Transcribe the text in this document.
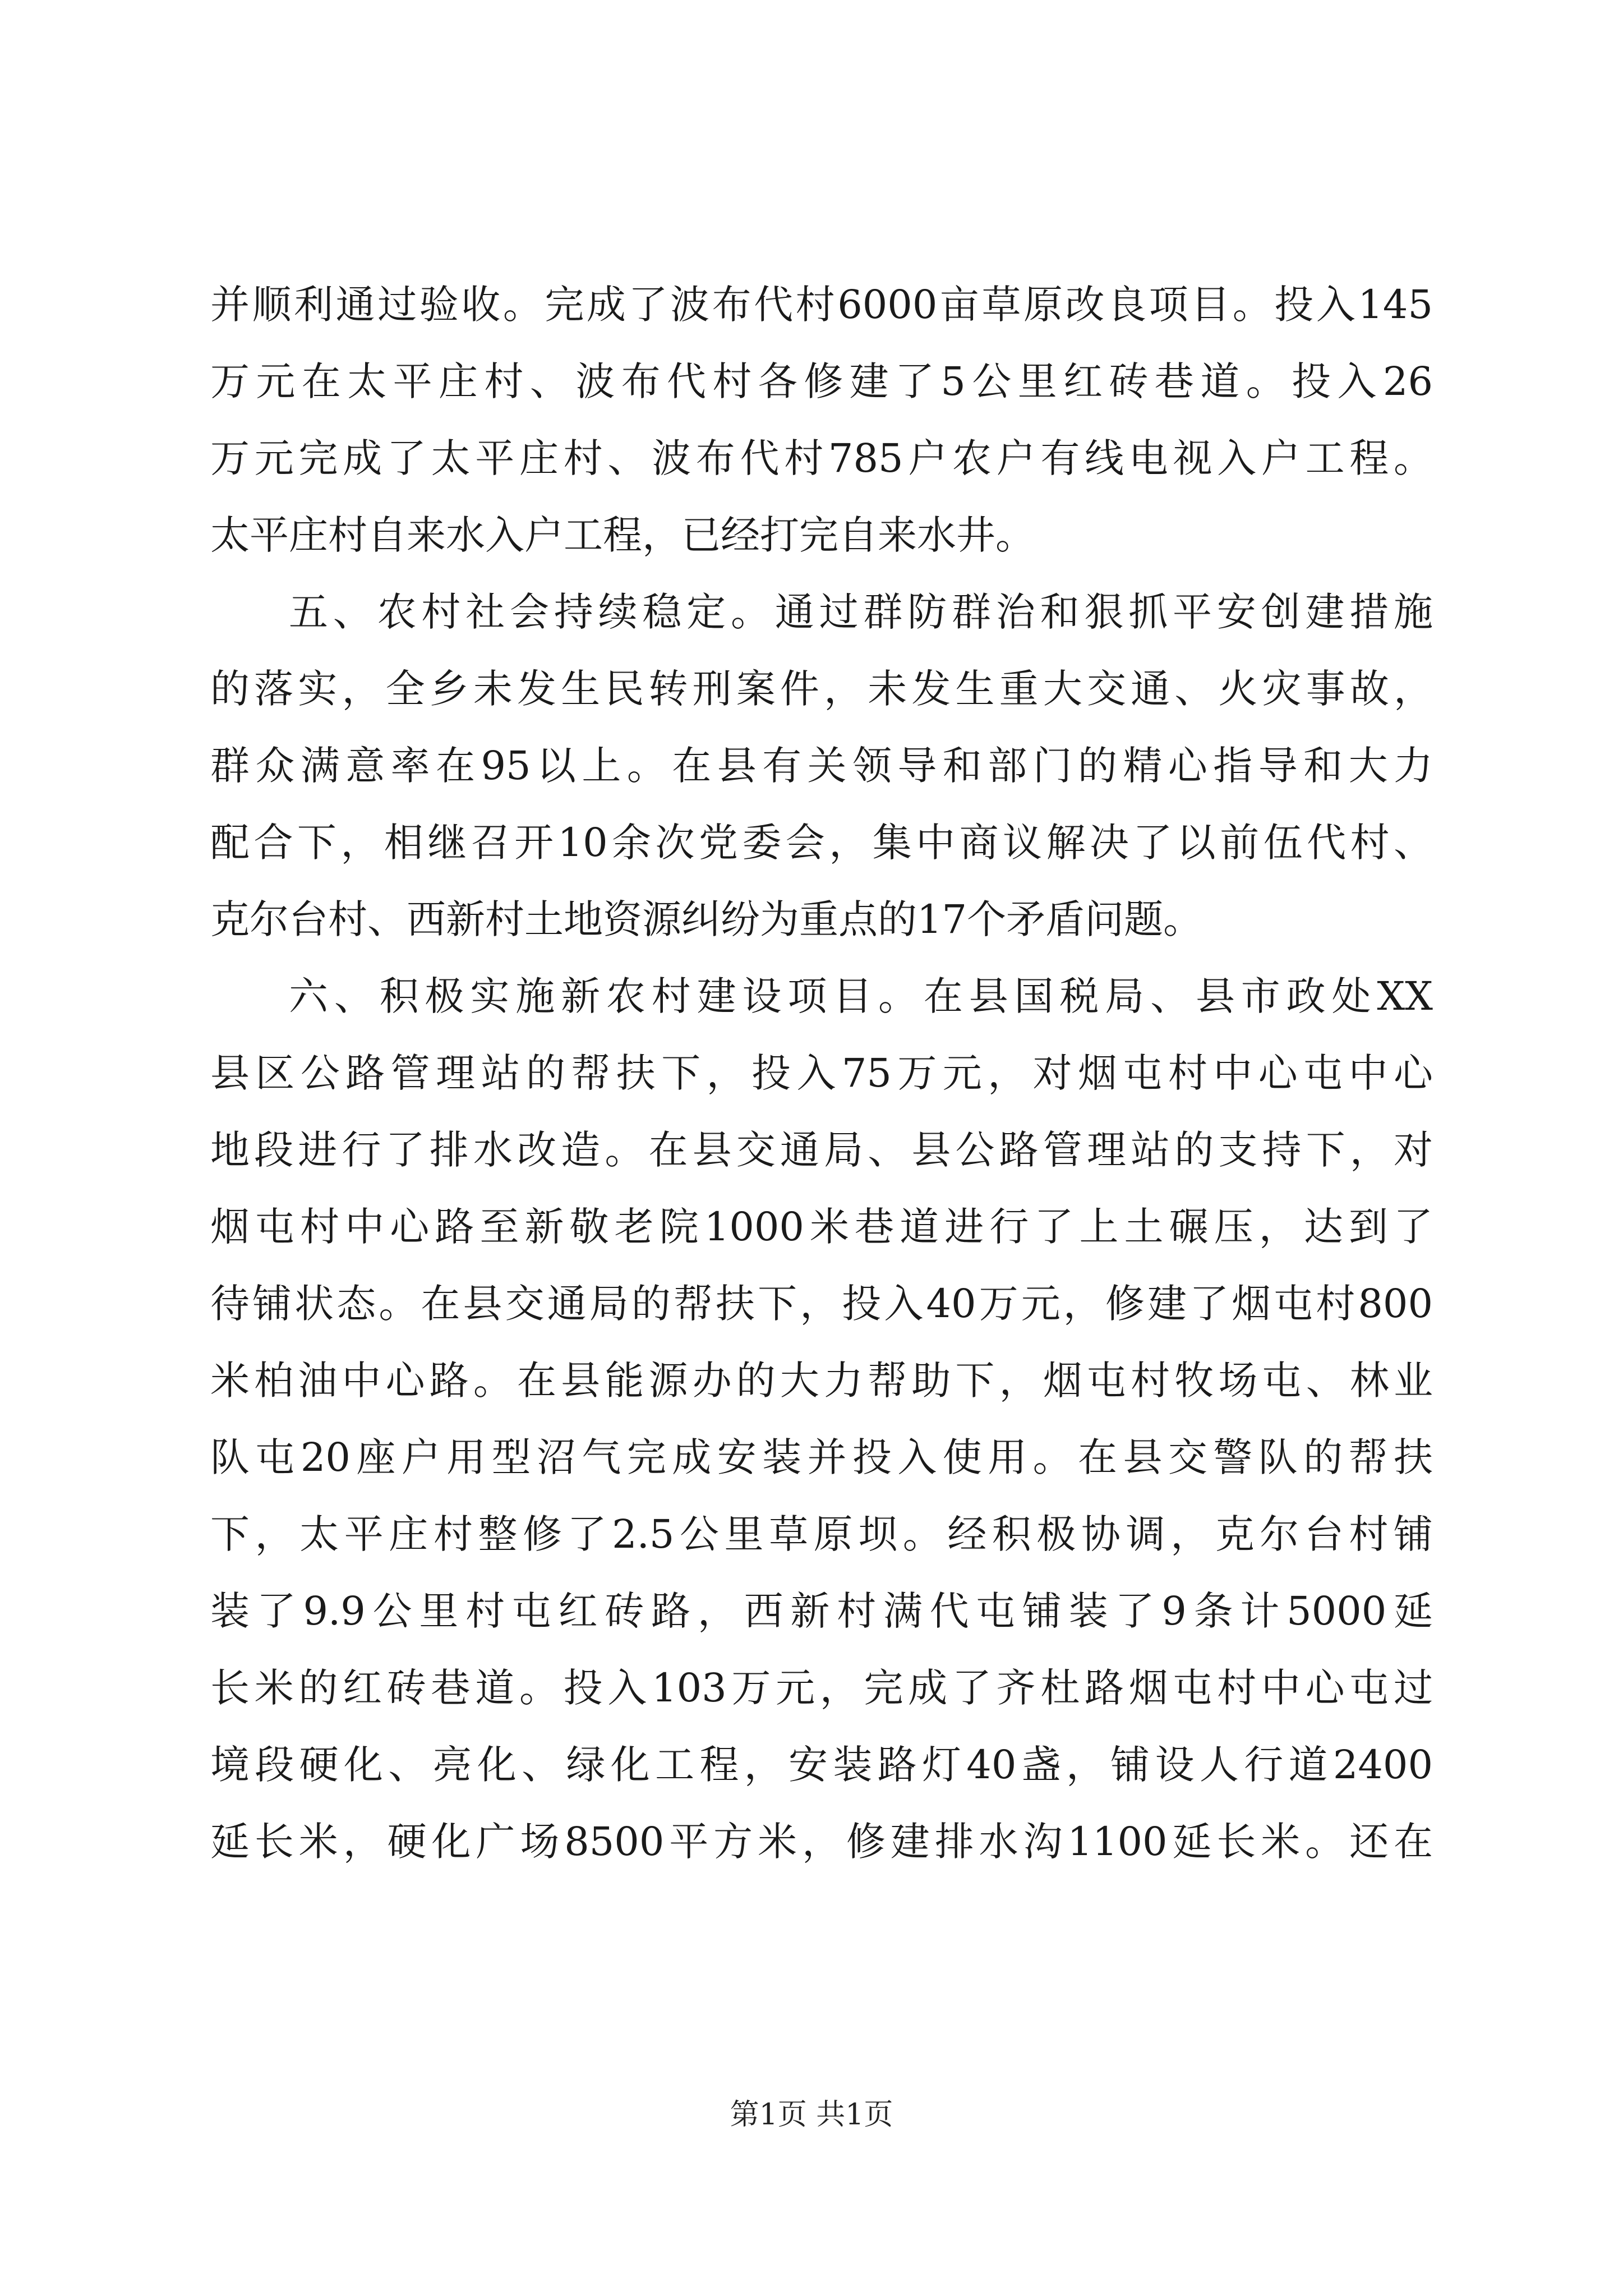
并顺利通过验收。完成了波布代村6000亩草原改良项目。投入145
万元在太平庄村、波布代村各修建了5公里红砖巷道。投入26
万元完成了太平庄村、波布代村785户农户有线电视入户工程。
太平庄村自来水入户工程，已经打完自来水井。
五、农村社会持续稳定。通过群防群治和狠抓平安创建措施
的落实，全乡未发生民转刑案件，未发生重大交通、火灾事故，
群众满意率在95以上。在县有关领导和部门的精心指导和大力
配合下，相继召开10余次党委会，集中商议解决了以前伍代村、
克尔台村、西新村土地资源纠纷为重点的17个矛盾问题。
六、积极实施新农村建设项目。在县国税局、县市政处XX
县区公路管理站的帮扶下，投入75万元，对烟屯村中心屯中心
地段进行了排水改造。在县交通局、县公路管理站的支持下，对
烟屯村中心路至新敬老院1000米巷道进行了上土碾压，达到了
待铺状态。在县交通局的帮扶下，投入40万元，修建了烟屯村800
米柏油中心路。在县能源办的大力帮助下，烟屯村牧场屯、林业
队屯20座户用型沼气完成安装并投入使用。在县交警队的帮扶
下，太平庄村整修了2.5公里草原坝。经积极协调，克尔台村铺
装了9.9公里村屯红砖路，西新村满代屯铺装了9条计5000延
长米的红砖巷道。投入103万元，完成了齐杜路烟屯村中心屯过
境段硬化、亮化、绿化工程，安装路灯40盏，铺设人行道2400
延长米，硬化广场8500平方米，修建排水沟1100延长米。还在
第1页 共1页
